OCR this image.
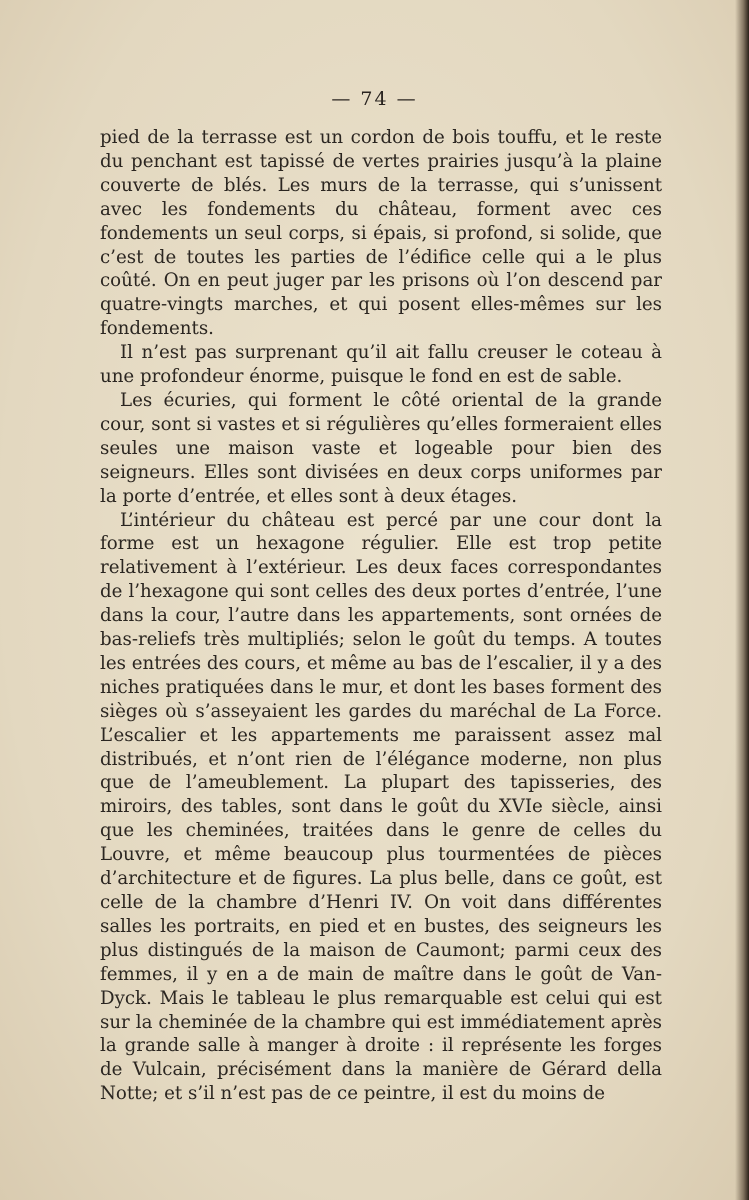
— 74 —

pied de la terrasse est un cordon de bois touffu, et le reste du penchant est tapissé de vertes prairies jusqu’à la plaine couverte de blés. Les murs de la terrasse, qui s’unissent avec les fondements du château, forment avec ces fondements un seul corps, si épais, si profond, si solide, que c’est de toutes les parties de l’édifice celle qui a le plus coûté. On en peut juger par les prisons où l’on descend par quatre-vingts marches, et qui posent elles-mêmes sur les fondements.

Il n’est pas surprenant qu’il ait fallu creuser le coteau à une profondeur énorme, puisque le fond en est de sable.

Les écuries, qui forment le côté oriental de la grande cour, sont si vastes et si régulières qu’elles formeraient elles seules une maison vaste et logeable pour bien des seigneurs. Elles sont divisées en deux corps uniformes par la porte d’entrée, et elles sont à deux étages.

L’intérieur du château est percé par une cour dont la forme est un hexagone régulier. Elle est trop petite relativement à l’extérieur. Les deux faces correspondantes de l’hexagone qui sont celles des deux portes d’entrée, l’une dans la cour, l’autre dans les appartements, sont ornées de bas-reliefs très multipliés; selon le goût du temps. A toutes les entrées des cours, et même au bas de l’escalier, il y a des niches pratiquées dans le mur, et dont les bases forment des sièges où s’asseyaient les gardes du maréchal de La Force. L’escalier et les appartements me paraissent assez mal distribués, et n’ont rien de l’élégance moderne, non plus que de l’ameublement. La plupart des tapisseries, des miroirs, des tables, sont dans le goût du XVIe siècle, ainsi que les cheminées, traitées dans le genre de celles du Louvre, et même beaucoup plus tourmentées de pièces d’architecture et de figures. La plus belle, dans ce goût, est celle de la chambre d’Henri IV. On voit dans différentes salles les portraits, en pied et en bustes, des seigneurs les plus distingués de la maison de Caumont; parmi ceux des femmes, il y en a de main de maître dans le goût de Van-Dyck. Mais le tableau le plus remarquable est celui qui est sur la cheminée de la chambre qui est immédiatement après la grande salle à manger à droite : il représente les forges de Vulcain, précisément dans la manière de Gérard della Notte; et s’il n’est pas de ce peintre, il est du moins de
